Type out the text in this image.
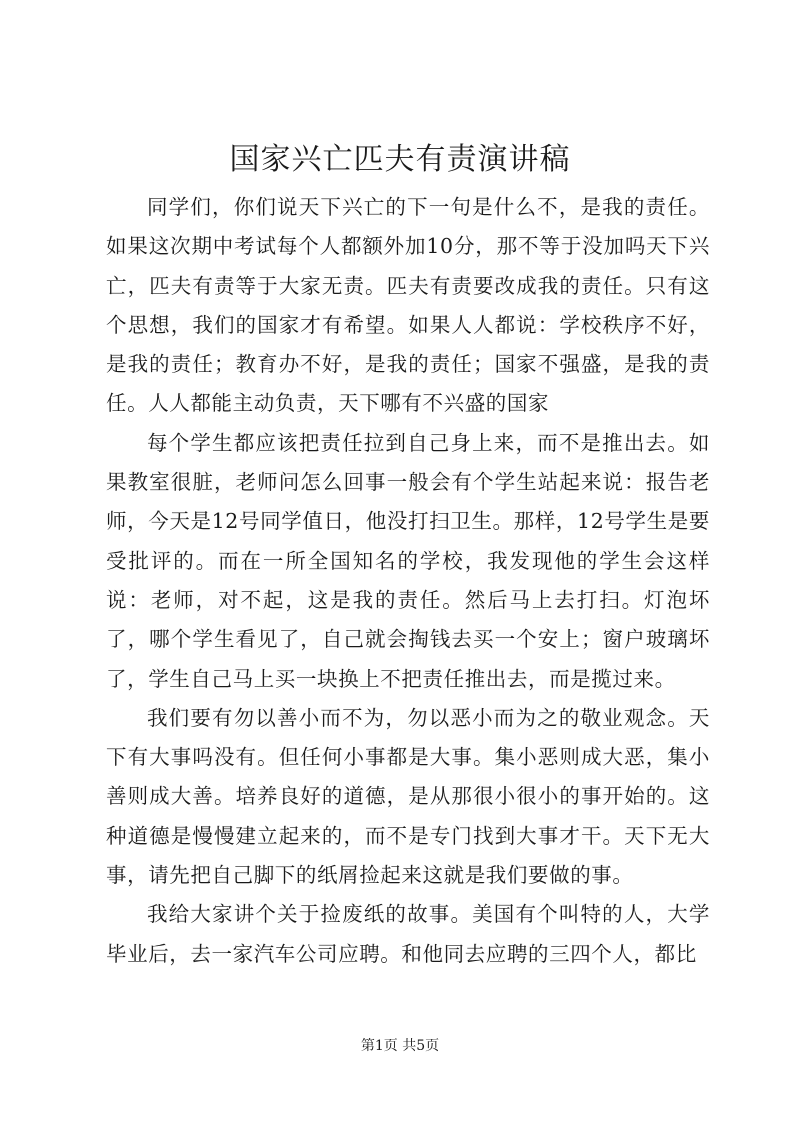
国家兴亡匹夫有责演讲稿

同学们，你们说天下兴亡的下一句是什么不，是我的责任。如果这次期中考试每个人都额外加10分，那不等于没加吗天下兴亡，匹夫有责等于大家无责。匹夫有责要改成我的责任。只有这个思想，我们的国家才有希望。如果人人都说：学校秩序不好，是我的责任；教育办不好，是我的责任；国家不强盛，是我的责任。人人都能主动负责，天下哪有不兴盛的国家

每个学生都应该把责任拉到自己身上来，而不是推出去。如果教室很脏，老师问怎么回事一般会有个学生站起来说：报告老师，今天是12号同学值日，他没打扫卫生。那样，12号学生是要受批评的。而在一所全国知名的学校，我发现他的学生会这样说：老师，对不起，这是我的责任。然后马上去打扫。灯泡坏了，哪个学生看见了，自己就会掏钱去买一个安上；窗户玻璃坏了，学生自己马上买一块换上不把责任推出去，而是揽过来。

我们要有勿以善小而不为，勿以恶小而为之的敬业观念。天下有大事吗没有。但任何小事都是大事。集小恶则成大恶，集小善则成大善。培养良好的道德，是从那很小很小的事开始的。这种道德是慢慢建立起来的，而不是专门找到大事才干。天下无大事，请先把自己脚下的纸屑捡起来这就是我们要做的事。

我给大家讲个关于捡废纸的故事。美国有个叫特的人，大学毕业后，去一家汽车公司应聘。和他同去应聘的三四个人，都比

第1页 共5页
